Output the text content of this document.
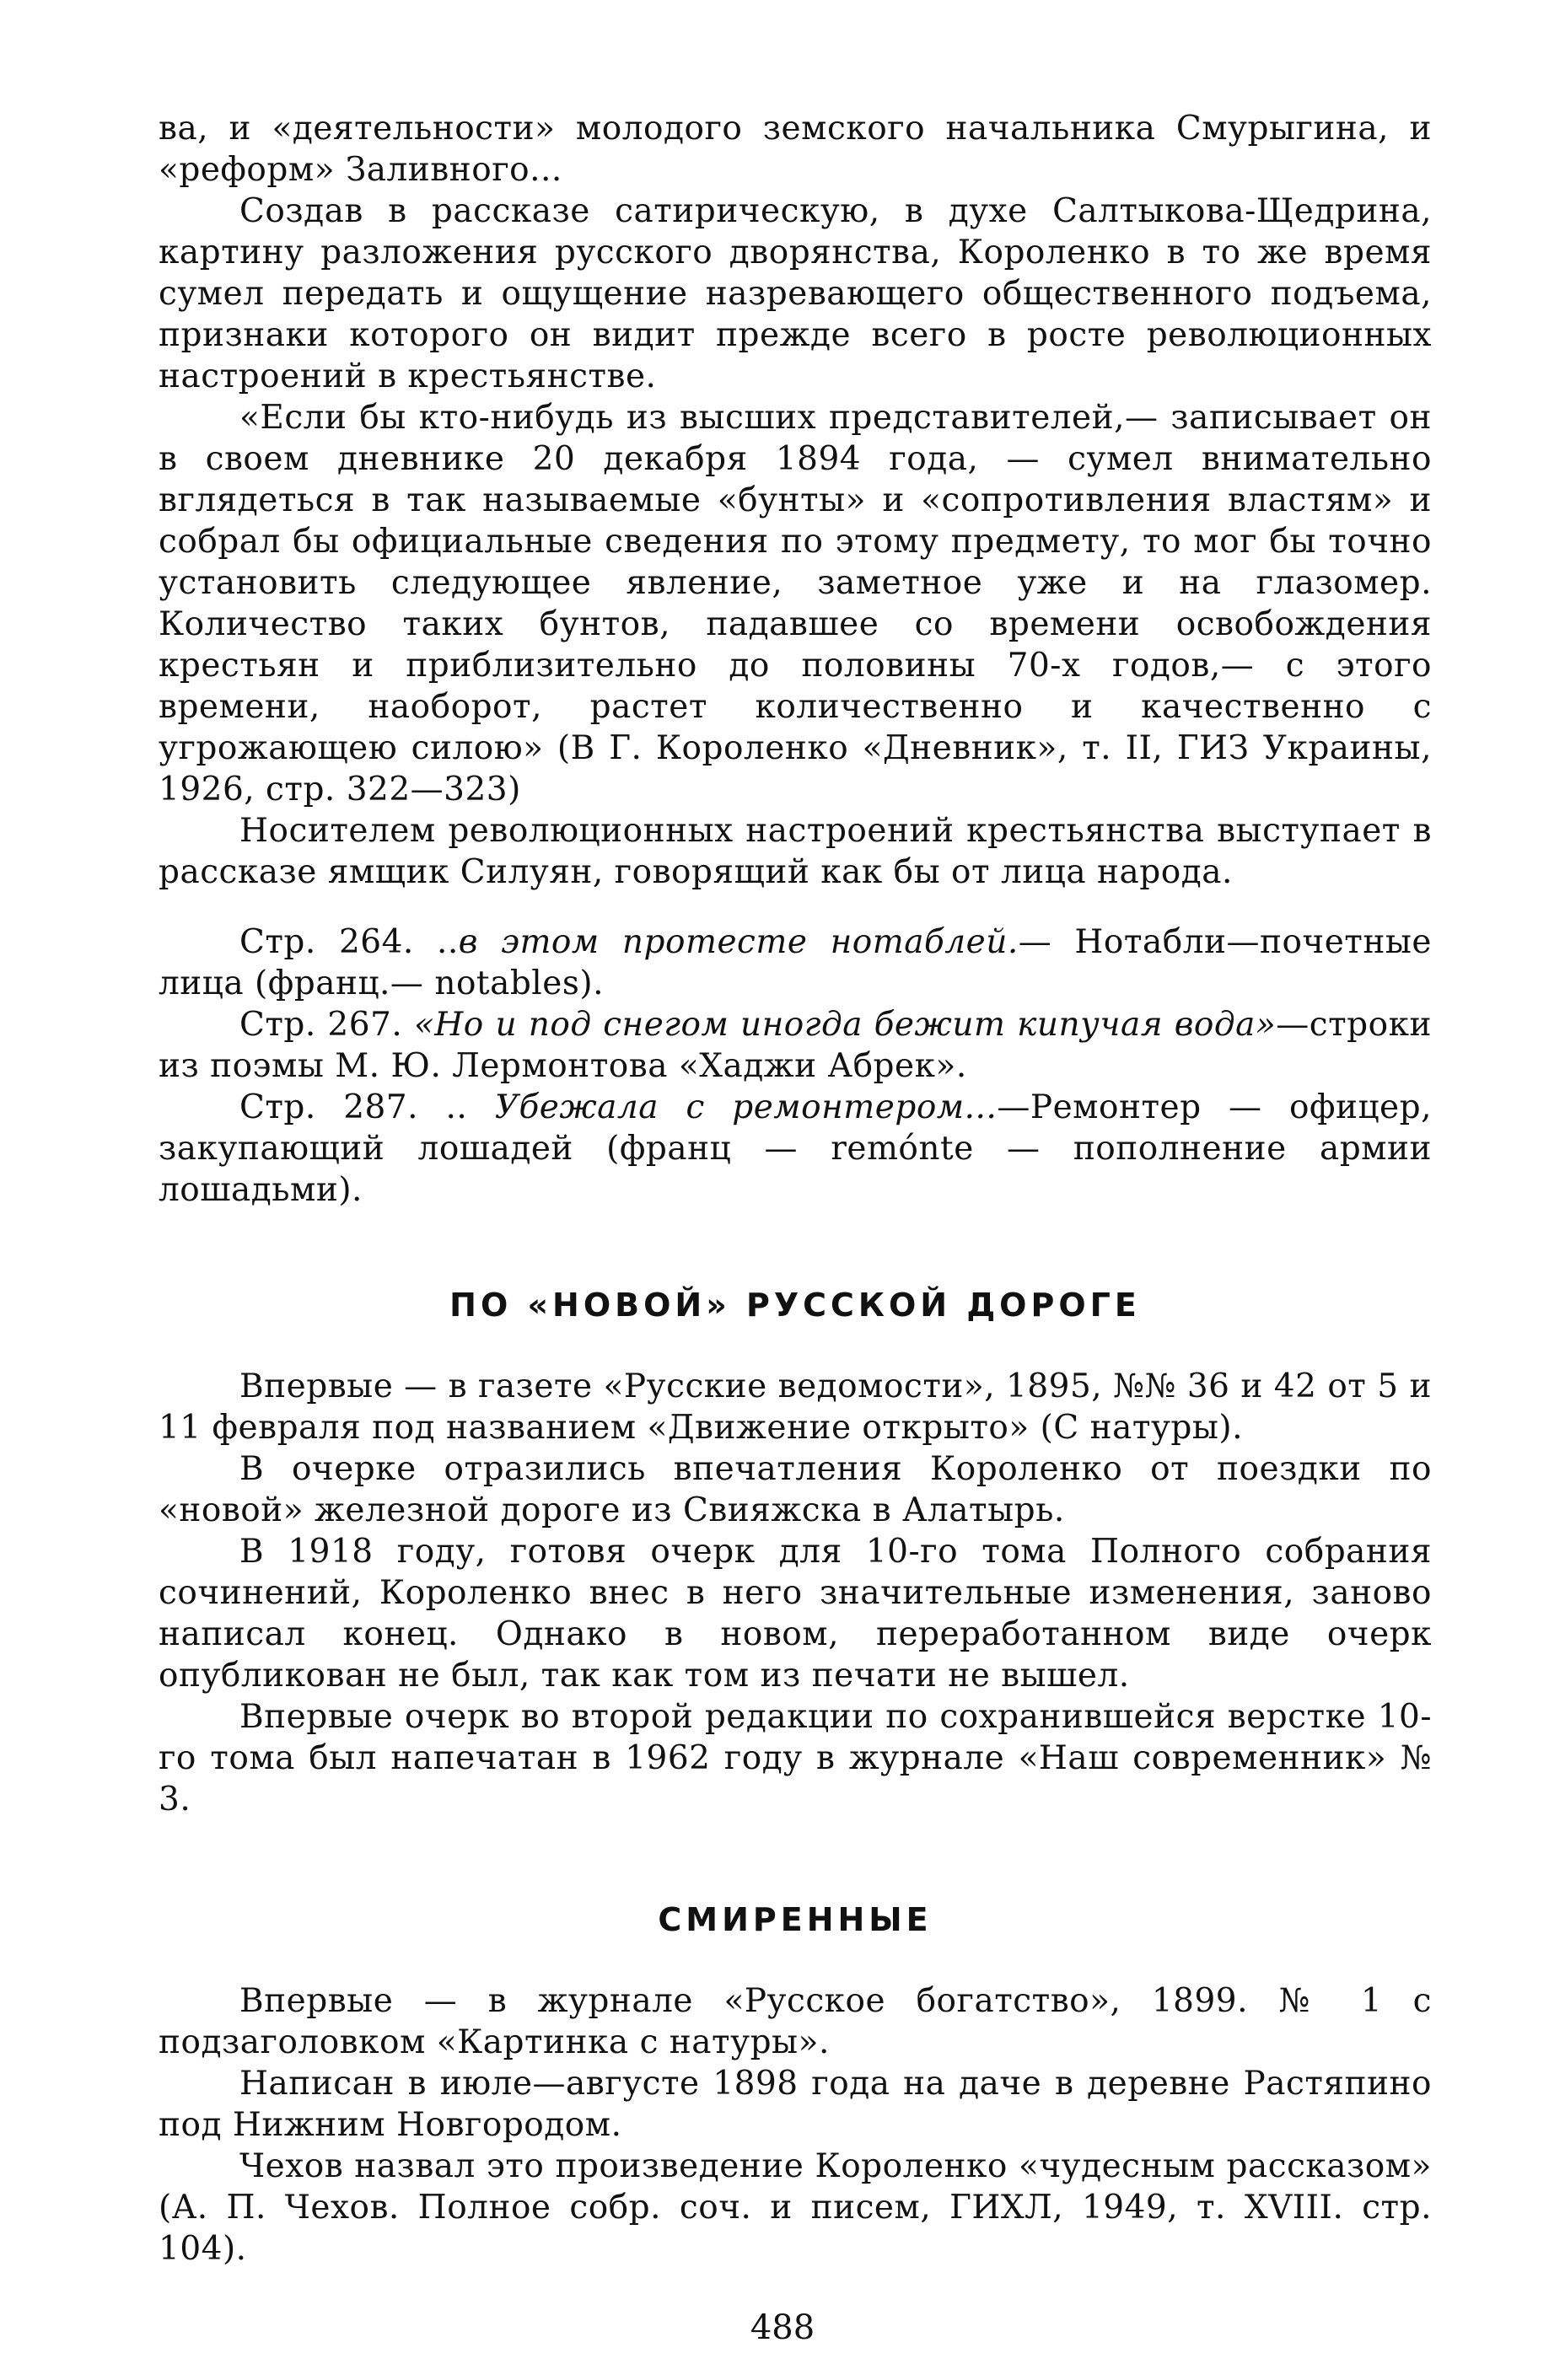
ва, и «деятельности» молодого земского начальника Смурыгина, и «реформ» Заливного...

Создав в рассказе сатирическую, в духе Салтыкова-Щедрина, картину разложения русского дворянства, Короленко в то же время сумел передать и ощущение назревающего общественного подъема, признаки которого он видит прежде всего в росте революционных настроений в крестьянстве.

«Если бы кто-нибудь из высших представителей,— записывает он в своем дневнике 20 декабря 1894 года, — сумел внимательно вглядеться в так называемые «бунты» и «сопротивления властям» и собрал бы официальные сведения по этому предмету, то мог бы точно установить следующее явление, заметное уже и на глазомер. Количество таких бунтов, падавшее со времени освобождения крестьян и приблизительно до половины 70-х годов,— с этого времени, наоборот, растет количественно и качественно с угрожающею силою» (В Г. Короленко «Дневник», т. II, ГИЗ Украины, 1926, стр. 322—323)

Носителем революционных настроений крестьянства выступает в рассказе ямщик Силуян, говорящий как бы от лица народа.

Стр. 264. ..в этом протесте нотаблей.— Нотабли—почетные лица (франц.— notables).

Стр. 267. «Но и под снегом иногда бежит кипучая вода»—строки из поэмы М. Ю. Лермонтова «Хаджи Абрек».

Стр. 287. .. Убежала с ремонтером...—Ремонтер — офицер, закупающий лошадей (франц — remónte — пополнение армии лошадьми).

ПО «НОВОЙ» РУССКОЙ ДОРОГЕ

Впервые — в газете «Русские ведомости», 1895, №№ 36 и 42 от 5 и 11 февраля под названием «Движение открыто» (С натуры).

В очерке отразились впечатления Короленко от поездки по «новой» железной дороге из Свияжска в Алатырь.

В 1918 году, готовя очерк для 10-го тома Полного собрания сочинений, Короленко внес в него значительные изменения, заново написал конец. Однако в новом, переработанном виде очерк опубликован не был, так как том из печати не вышел.

Впервые очерк во второй редакции по сохранившейся верстке 10-го тома был напечатан в 1962 году в журнале «Наш современник» № 3.

СМИРЕННЫЕ

Впервые — в журнале «Русское богатство», 1899. № 1 с подзаголовком «Картинка с натуры».

Написан в июле—августе 1898 года на даче в деревне Растяпино под Нижним Новгородом.

Чехов назвал это произведение Короленко «чудесным рассказом» (А. П. Чехов. Полное собр. соч. и писем, ГИХЛ, 1949, т. XVIII. стр. 104).

488
